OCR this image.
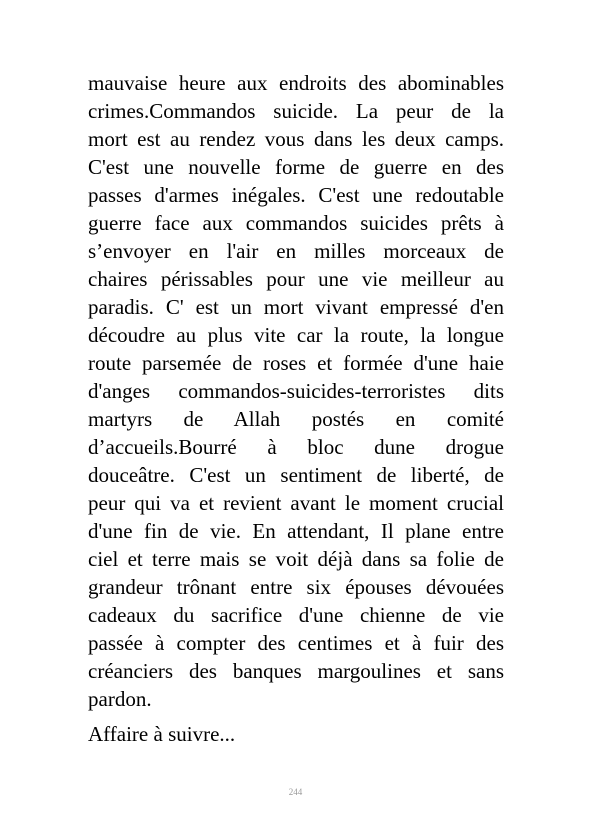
mauvaise heure aux endroits des abominables
crimes.Commandos suicide. La peur de la
mort est au rendez vous dans les deux camps.
C'est une nouvelle forme de guerre en des
passes d'armes inégales. C'est une redoutable
guerre face aux commandos suicides prêts à
s’envoyer en l'air en milles morceaux de
chaires périssables pour une vie meilleur au
paradis. C' est un mort vivant empressé d'en
découdre au plus vite car la route, la longue
route parsemée de roses et formée d'une haie
d'anges commandos-suicides-terroristes dits
martyrs de Allah postés en comité
d’accueils.Bourré à bloc dune drogue
douceâtre. C'est un sentiment de liberté, de
peur qui va et revient avant le moment crucial
d'une fin de vie. En attendant, Il plane entre
ciel et terre mais se voit déjà dans sa folie de
grandeur trônant entre six épouses dévouées
cadeaux du sacrifice d'une chienne de vie
passée à compter des centimes et à fuir des
créanciers des banques margoulines et sans
pardon.
Affaire à suivre...
244
